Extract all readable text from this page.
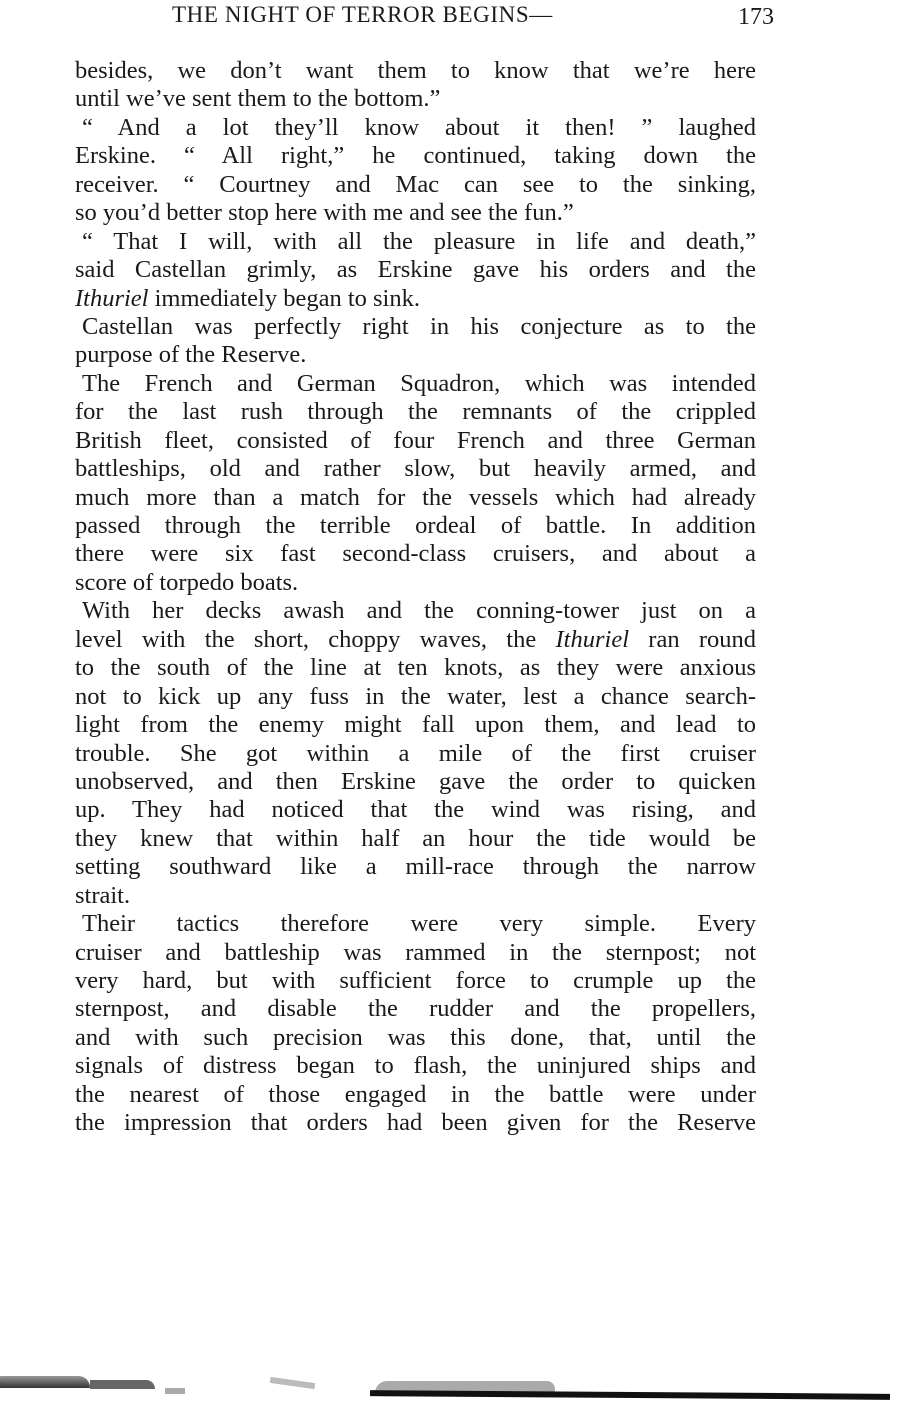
THE NIGHT OF TERROR BEGINS—	173
besides, we don’t want them to know that we’re here
until we’ve sent them to the bottom.”
“ And a lot they’ll know about it then! ” laughed
Erskine. “ All right,” he continued, taking down the
receiver. “ Courtney and Mac can see to the sinking,
so you’d better stop here with me and see the fun.”
“ That I will, with all the pleasure in life and death,”
said Castellan grimly, as Erskine gave his orders and the
Ithuriel immediately began to sink.
Castellan was perfectly right in his conjecture as to the
purpose of the Reserve.
The French and German Squadron, which was intended
for the last rush through the remnants of the crippled
British fleet, consisted of four French and three German
battleships, old and rather slow, but heavily armed, and
much more than a match for the vessels which had already
passed through the terrible ordeal of battle. In addition
there were six fast second-class cruisers, and about a
score of torpedo boats.
With her decks awash and the conning-tower just on a
level with the short, choppy waves, the Ithuriel ran round
to the south of the line at ten knots, as they were anxious
not to kick up any fuss in the water, lest a chance search-
light from the enemy might fall upon them, and lead to
trouble. She got within a mile of the first cruiser
unobserved, and then Erskine gave the order to quicken
up. They had noticed that the wind was rising, and
they knew that within half an hour the tide would be
setting southward like a mill-race through the narrow
strait.
Their tactics therefore were very simple. Every
cruiser and battleship was rammed in the sternpost; not
very hard, but with sufficient force to crumple up the
sternpost, and disable the rudder and the propellers,
and with such precision was this done, that, until the
signals of distress began to flash, the uninjured ships and
the nearest of those engaged in the battle were under
the impression that orders had been given for the Reserve
